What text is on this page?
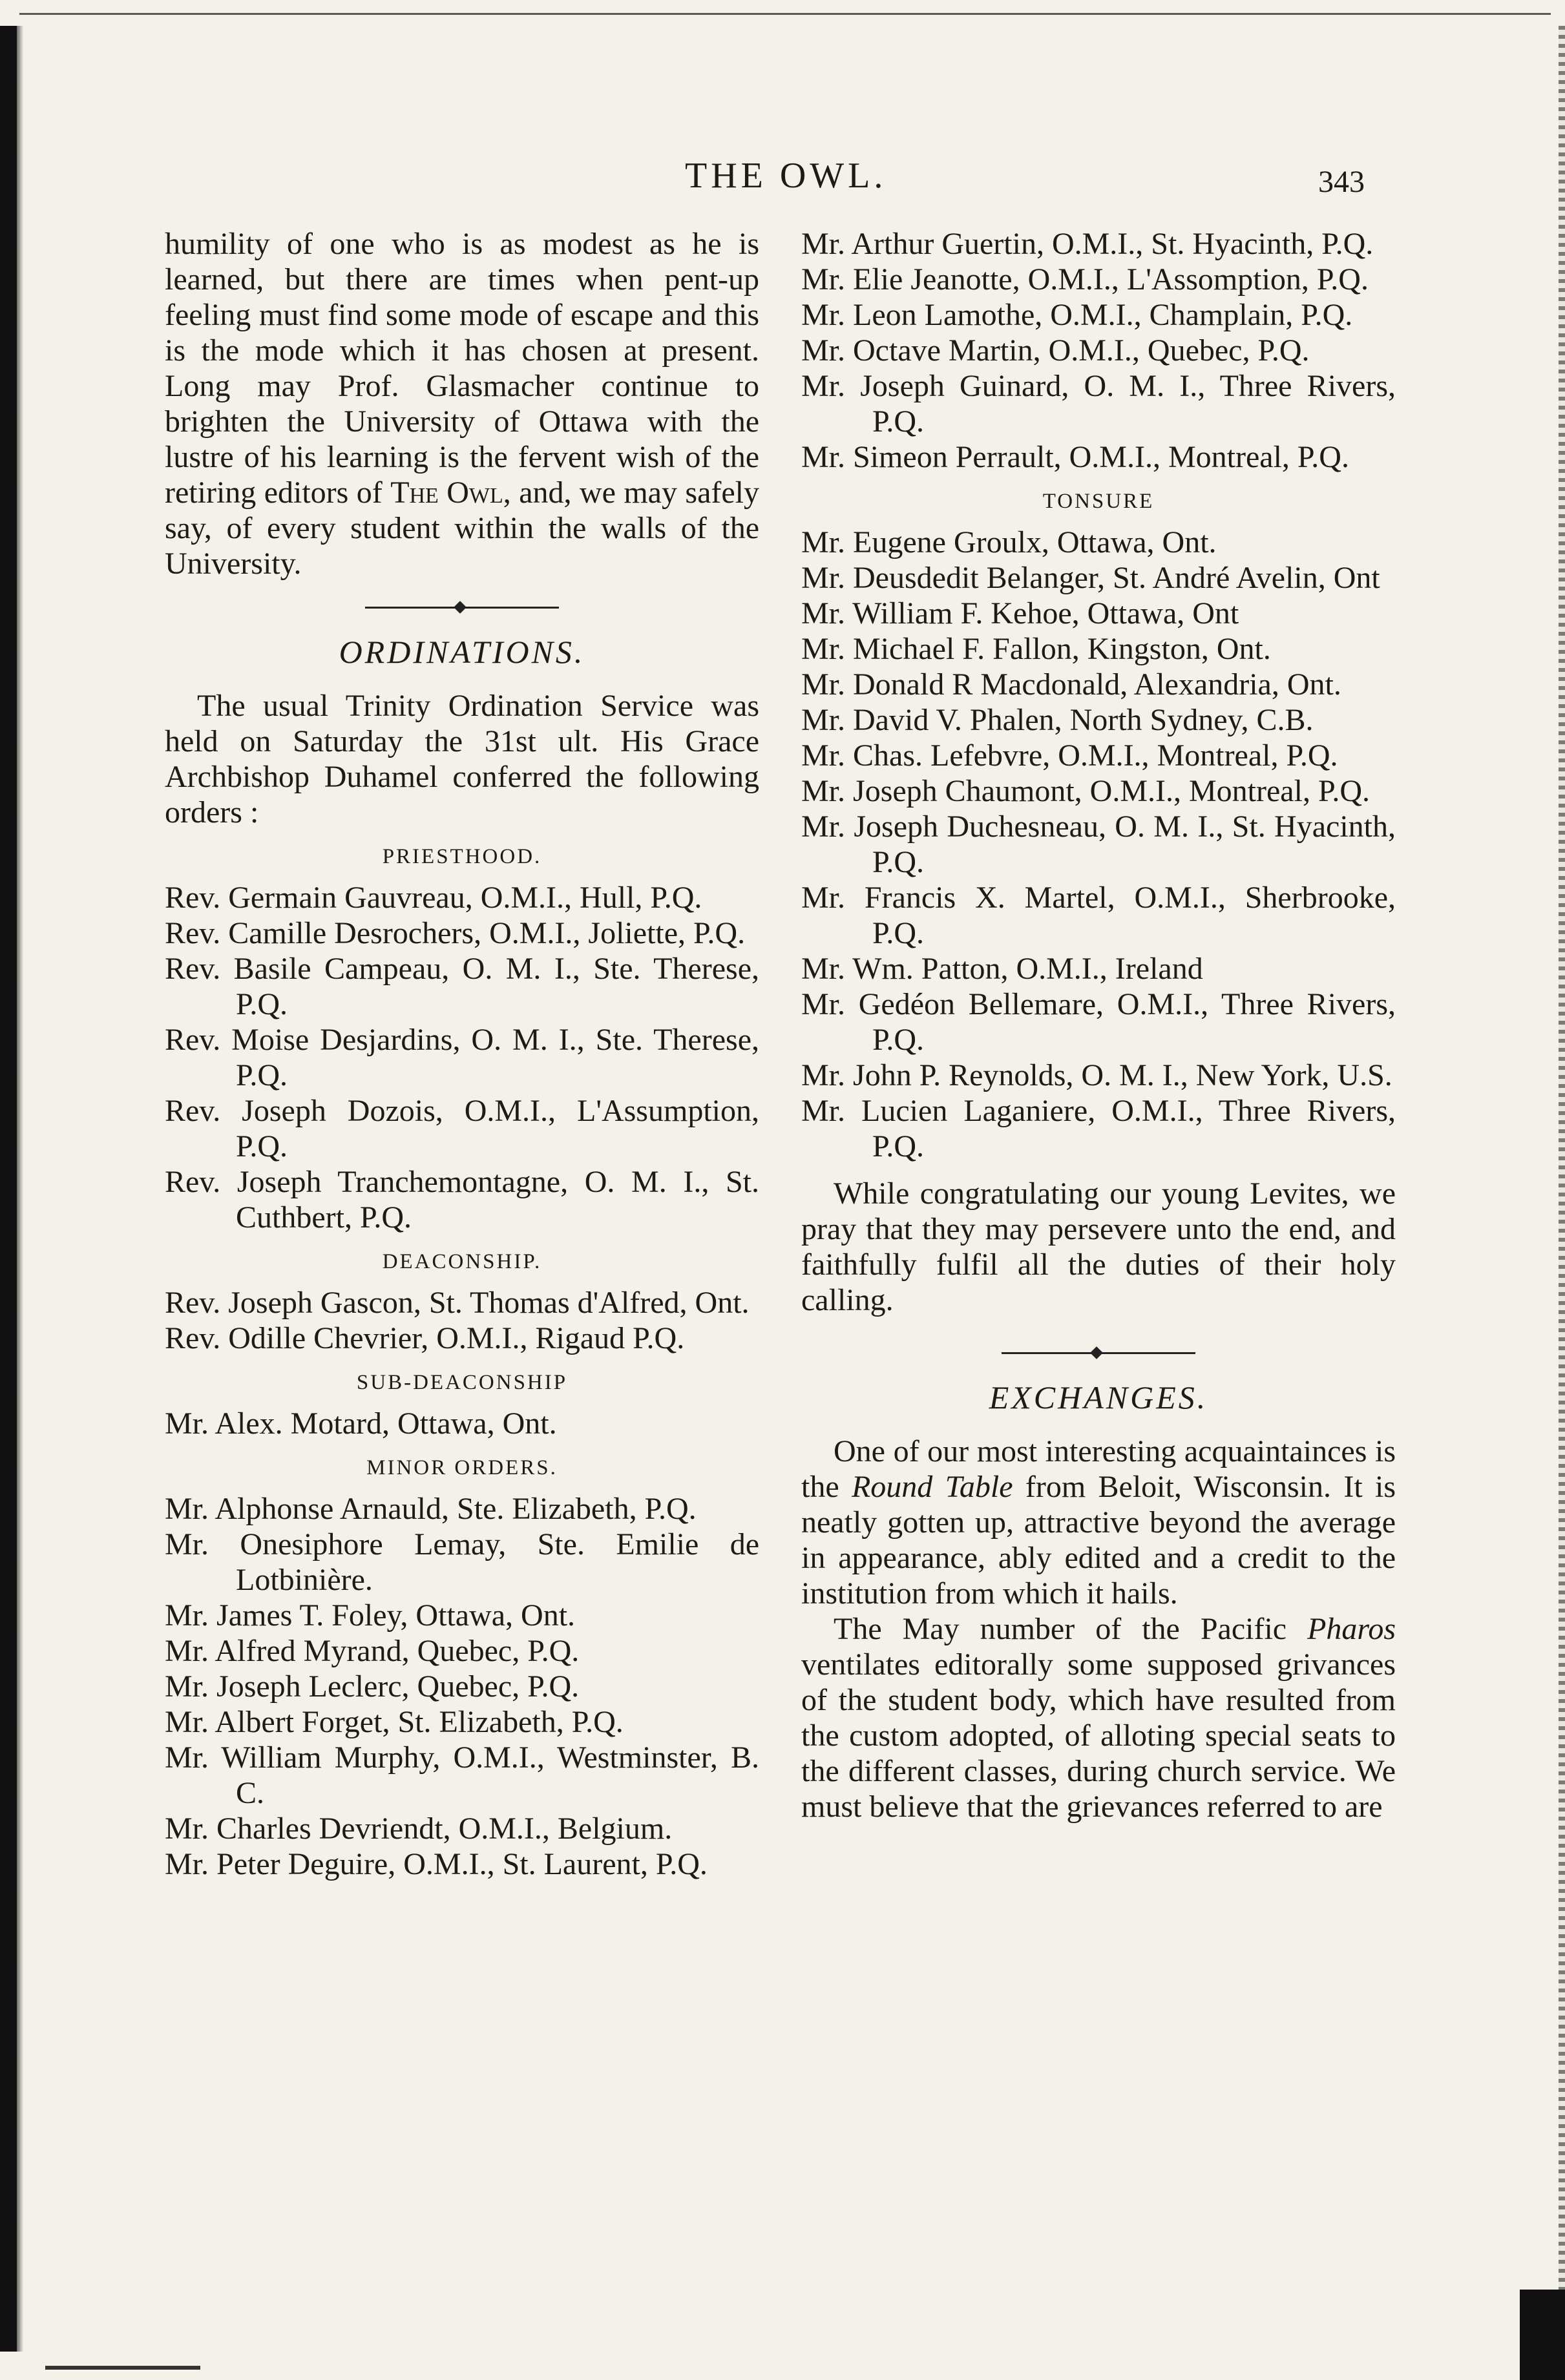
THE OWL.	343

humility of one who is as modest as he is learned, but there are times when pent-up feeling must find some mode of escape and this is the mode which it has chosen at present. Long may Prof. Glasmacher continue to brighten the University of Ottawa with the lustre of his learning is the fervent wish of the retiring editors of The Owl, and, we may safely say, of every student within the walls of the University.

ORDINATIONS.

The usual Trinity Ordination Service was held on Saturday the 31st ult. His Grace Archbishop Duhamel conferred the following orders :

PRIESTHOOD.
Rev. Germain Gauvreau, O.M.I., Hull, P.Q.
Rev. Camille Desrochers, O.M.I., Joliette, P.Q.
Rev. Basile Campeau, O. M. I., Ste. Therese, P.Q.
Rev. Moise Desjardins, O. M. I., Ste. Therese, P.Q.
Rev. Joseph Dozois, O.M.I., L'Assumption, P.Q.
Rev. Joseph Tranchemontagne, O. M. I., St. Cuthbert, P.Q.
DEACONSHIP.
Rev. Joseph Gascon, St. Thomas d'Alfred, Ont.
Rev. Odille Chevrier, O.M.I., Rigaud P.Q.
SUB-DEACONSHIP
Mr. Alex. Motard, Ottawa, Ont.
MINOR ORDERS.
Mr. Alphonse Arnauld, Ste. Elizabeth, P.Q.
Mr. Onesiphore Lemay, Ste. Emilie de Lotbinière.
Mr. James T. Foley, Ottawa, Ont.
Mr. Alfred Myrand, Quebec, P.Q.
Mr. Joseph Leclerc, Quebec, P.Q.
Mr. Albert Forget, St. Elizabeth, P.Q.
Mr. William Murphy, O.M.I., Westminster, B. C.
Mr. Charles Devriendt, O.M.I., Belgium.
Mr. Peter Deguire, O.M.I., St. Laurent, P.Q.
Mr. Arthur Guertin, O.M.I., St. Hyacinth, P.Q.
Mr. Elie Jeanotte, O.M.I., L'Assomption, P.Q.
Mr. Leon Lamothe, O.M.I., Champlain, P.Q.
Mr. Octave Martin, O.M.I., Quebec, P.Q.
Mr. Joseph Guinard, O. M. I., Three Rivers, P.Q.
Mr. Simeon Perrault, O.M.I., Montreal, P.Q.
TONSURE
Mr. Eugene Groulx, Ottawa, Ont.
Mr. Deusdedit Belanger, St. André Avelin, Ont
Mr. William F. Kehoe, Ottawa, Ont
Mr. Michael F. Fallon, Kingston, Ont.
Mr. Donald R Macdonald, Alexandria, Ont.
Mr. David V. Phalen, North Sydney, C.B.
Mr. Chas. Lefebvre, O.M.I., Montreal, P.Q.
Mr. Joseph Chaumont, O.M.I., Montreal, P.Q.
Mr. Joseph Duchesneau, O. M. I., St. Hyacinth, P.Q.
Mr. Francis X. Martel, O.M.I., Sherbrooke, P.Q.
Mr. Wm. Patton, O.M.I., Ireland
Mr. Gedéon Bellemare, O.M.I., Three Rivers, P.Q.
Mr. John P. Reynolds, O. M. I., New York, U.S.
Mr. Lucien Laganiere, O.M.I., Three Rivers, P.Q.

While congratulating our young Levites, we pray that they may persevere unto the end, and faithfully fulfil all the duties of their holy calling.

EXCHANGES.

One of our most interesting acquaintainces is the Round Table from Beloit, Wisconsin. It is neatly gotten up, attractive beyond the average in appearance, ably edited and a credit to the institution from which it hails.

The May number of the Pacific Pharos ventilates editorally some supposed grivances of the student body, which have resulted from the custom adopted, of alloting special seats to the different classes, during church service. We must believe that the grievances referred to are
